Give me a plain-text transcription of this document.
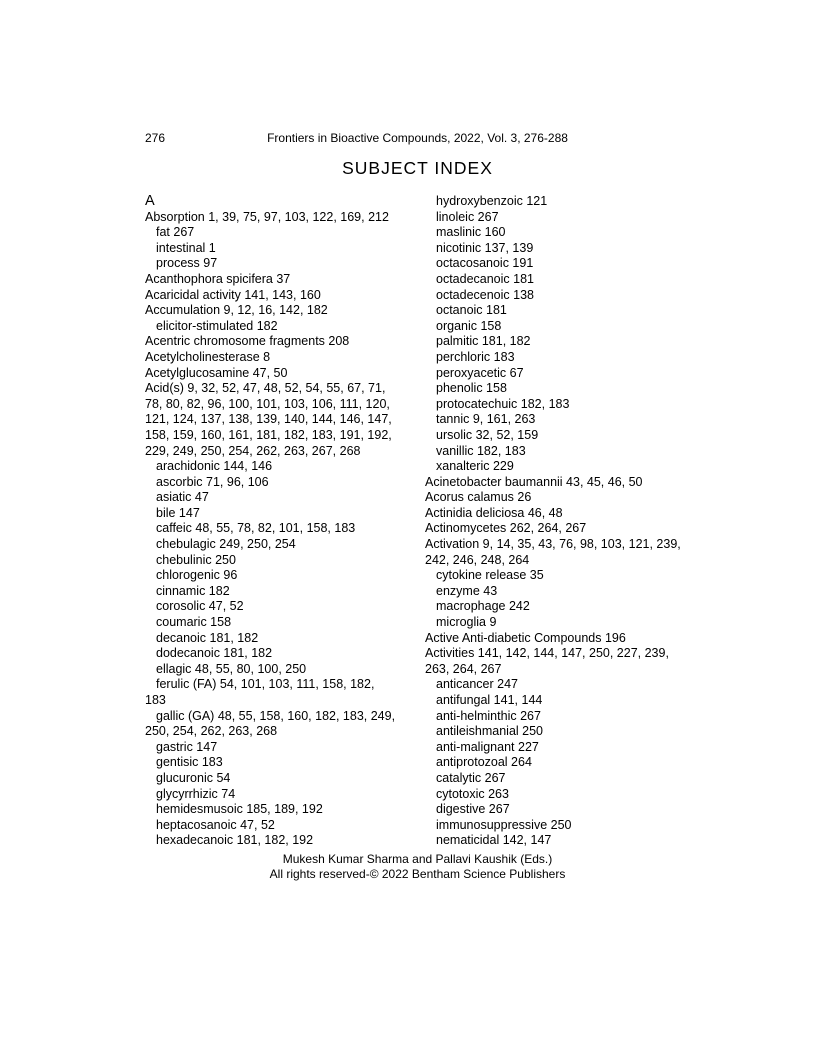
276	Frontiers in Bioactive Compounds, 2022, Vol. 3, 276-288
SUBJECT INDEX
A
Absorption 1, 39, 75, 97, 103, 122, 169, 212
fat 267
intestinal 1
process 97
Acanthophora spicifera 37
Acaricidal activity 141, 143, 160
Accumulation 9, 12, 16, 142, 182
elicitor-stimulated 182
Acentric chromosome fragments 208
Acetylcholinesterase 8
Acetylglucosamine 47, 50
Acid(s) 9, 32, 52, 47, 48, 52, 54, 55, 67, 71,
78, 80, 82, 96, 100, 101, 103, 106, 111, 120,
121, 124, 137, 138, 139, 140, 144, 146, 147,
158, 159, 160, 161, 181, 182, 183, 191, 192,
229, 249, 250, 254, 262, 263, 267, 268
arachidonic 144, 146
ascorbic 71, 96, 106
asiatic 47
bile 147
caffeic 48, 55, 78, 82, 101, 158, 183
chebulagic 249, 250, 254
chebulinic 250
chlorogenic 96
cinnamic 182
corosolic 47, 52
coumaric 158
decanoic 181, 182
dodecanoic 181, 182
ellagic 48, 55, 80, 100, 250
ferulic (FA) 54, 101, 103, 111, 158, 182,
183
gallic (GA) 48, 55, 158, 160, 182, 183, 249,
250, 254, 262, 263, 268
gastric 147
gentisic 183
glucuronic 54
glycyrrhizic 74
hemidesmusoic 185, 189, 192
heptacosanoic 47, 52
hexadecanoic 181, 182, 192
hydroxybenzoic 121
linoleic 267
maslinic 160
nicotinic 137, 139
octacosanoic 191
octadecanoic 181
octadecenoic 138
octanoic 181
organic 158
palmitic 181, 182
perchloric 183
peroxyacetic 67
phenolic 158
protocatechuic 182, 183
tannic 9, 161, 263
ursolic 32, 52, 159
vanillic 182, 183
xanalteric 229
Acinetobacter baumannii 43, 45, 46, 50
Acorus calamus 26
Actinidia deliciosa 46, 48
Actinomycetes 262, 264, 267
Activation 9, 14, 35, 43, 76, 98, 103, 121, 239,
242, 246, 248, 264
cytokine release 35
enzyme 43
macrophage 242
microglia 9
Active Anti-diabetic Compounds 196
Activities 141, 142, 144, 147, 250, 227, 239,
263, 264, 267
anticancer 247
antifungal 141, 144
anti-helminthic 267
antileishmanial 250
anti-malignant 227
antiprotozoal 264
catalytic 267
cytotoxic 263
digestive 267
immunosuppressive 250
nematicidal 142, 147
Mukesh Kumar Sharma and Pallavi Kaushik (Eds.)
All rights reserved-© 2022 Bentham Science Publishers
